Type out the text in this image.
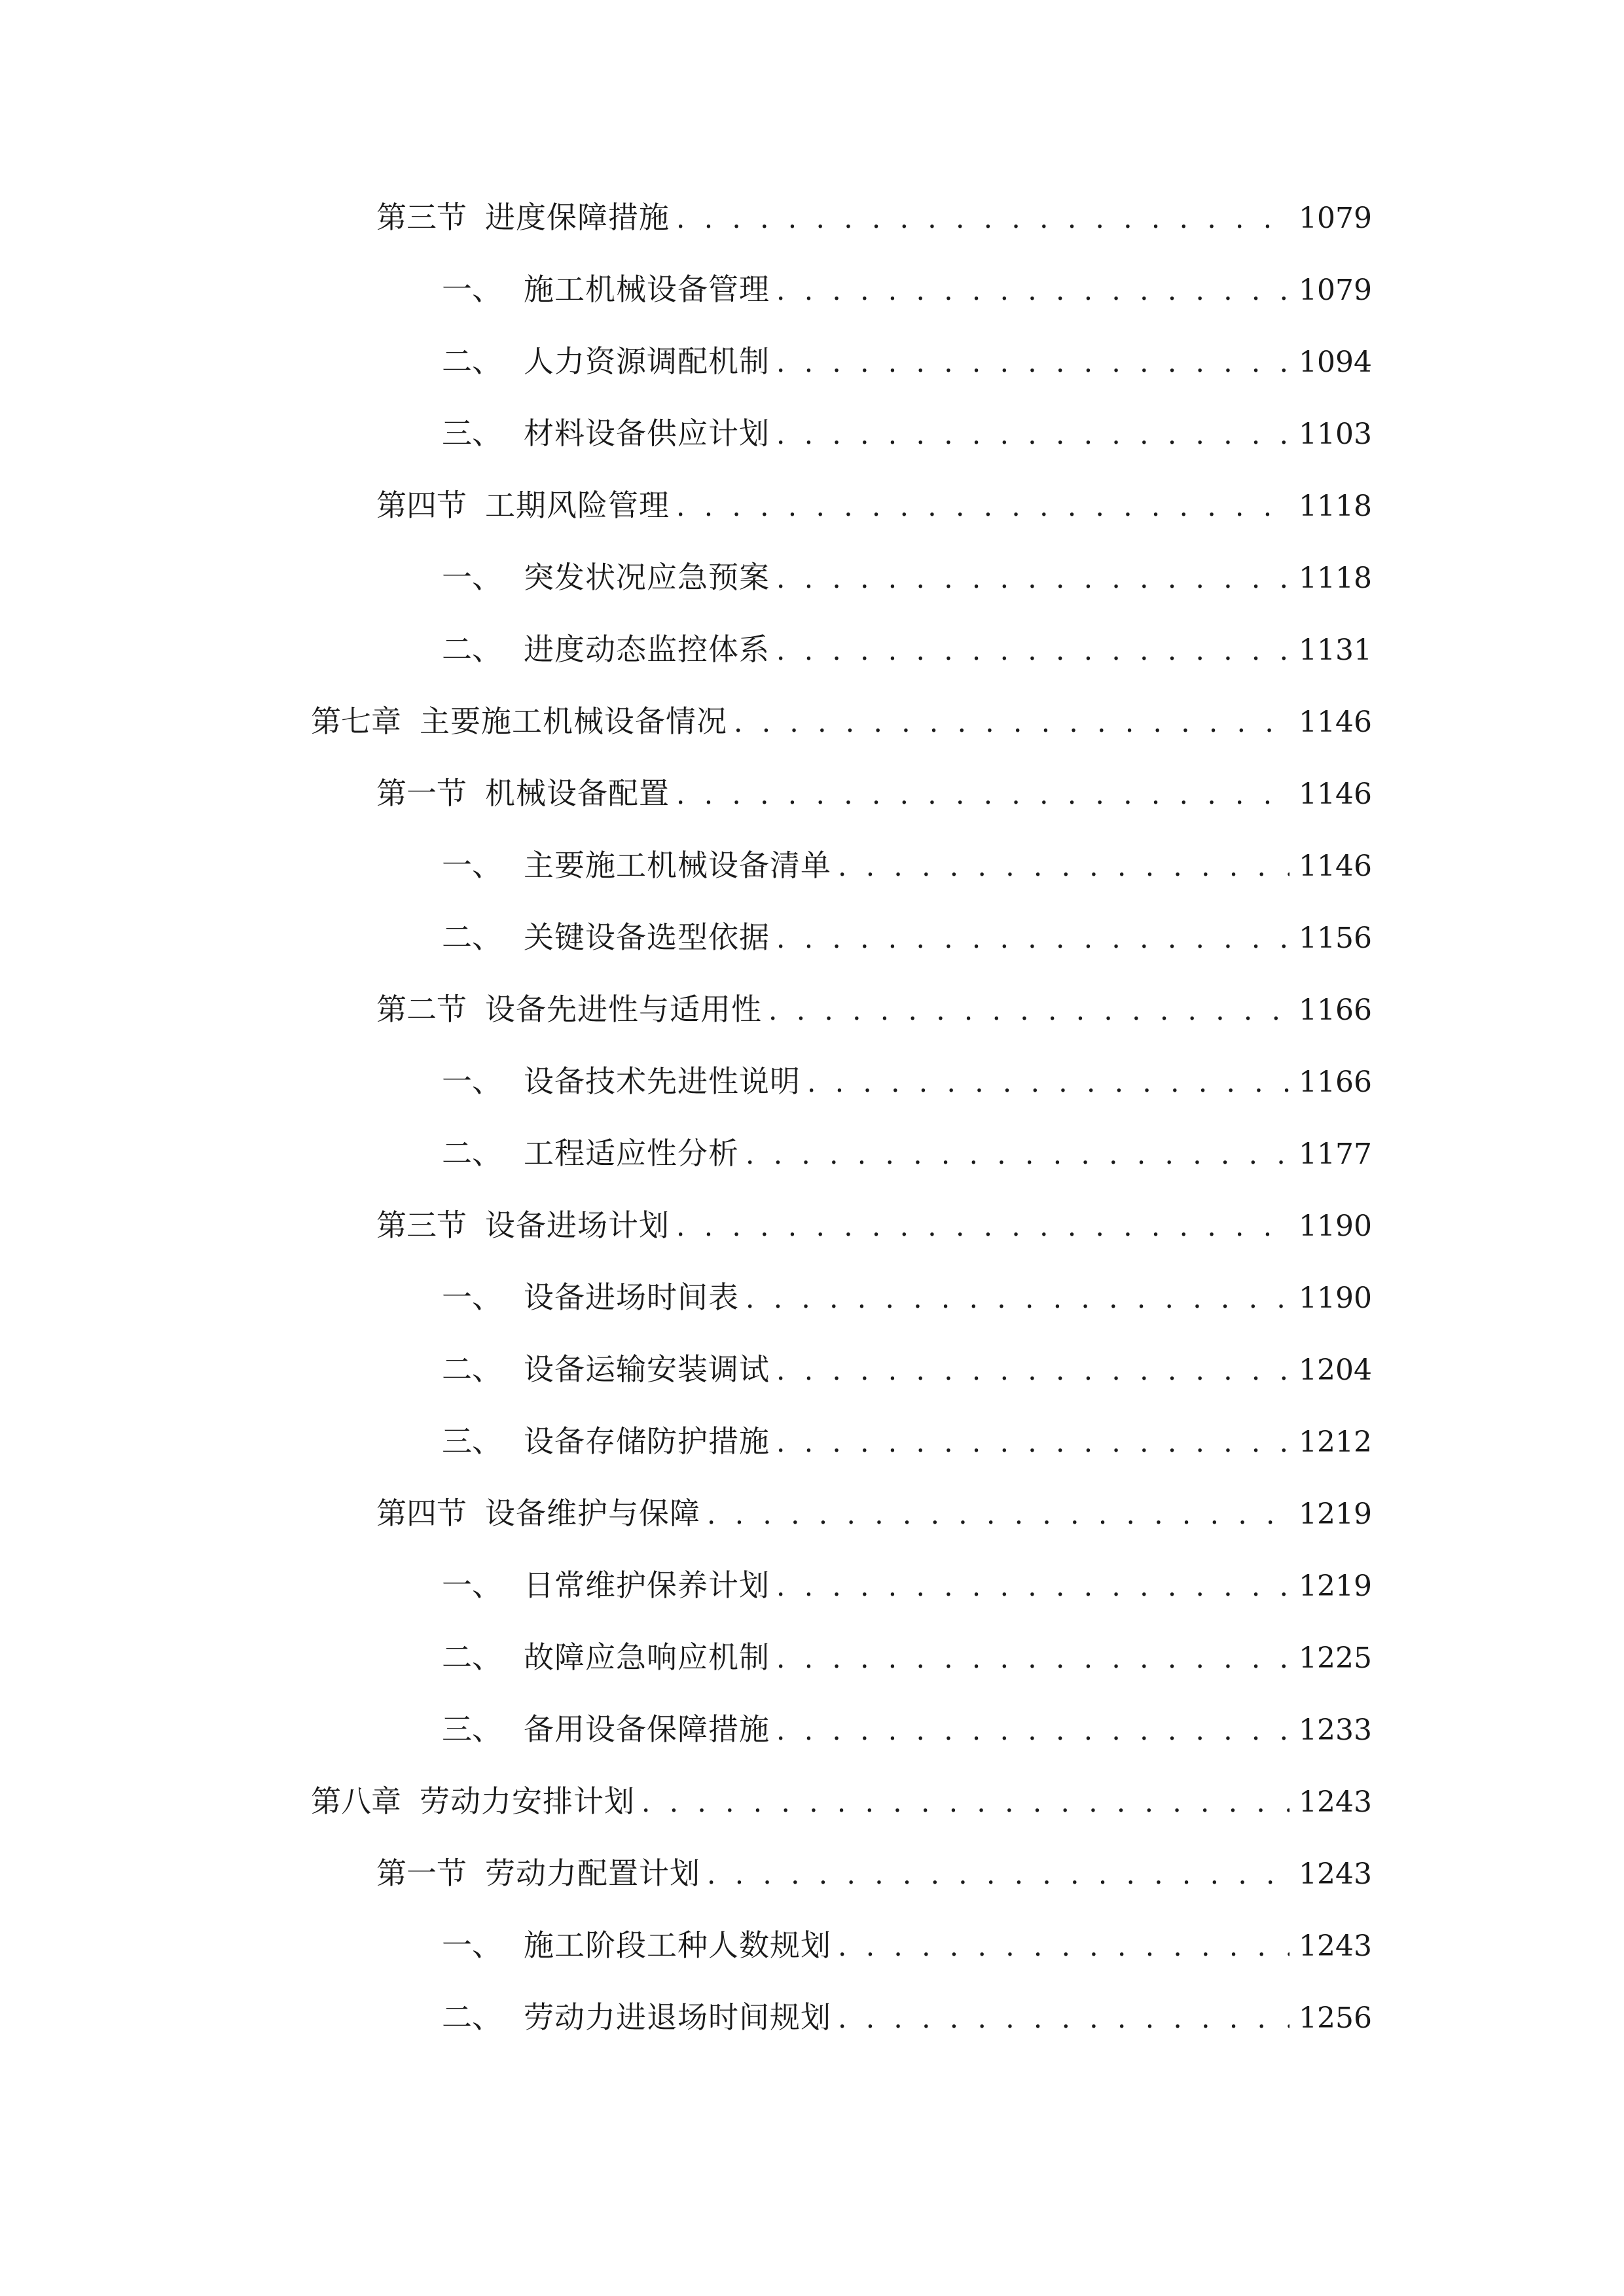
第三节 进度保障措施 . . .	1079
一、 施工机械设备管理 . . .	1079
二、 人力资源调配机制 . . .	1094
三、 材料设备供应计划 . . .	1103
第四节 工期风险管理 . . .	1118
一、 突发状况应急预案 . . .	1118
二、 进度动态监控体系 . . .	1131
第七章 主要施工机械设备情况 . . .	1146
第一节 机械设备配置 . . .	1146
一、 主要施工机械设备清单 . . .	1146
二、 关键设备选型依据 . . .	1156
第二节 设备先进性与适用性 . . .	1166
一、 设备技术先进性说明 . . .	1166
二、 工程适应性分析 . . .	1177
第三节 设备进场计划 . . .	1190
一、 设备进场时间表 . . .	1190
二、 设备运输安装调试 . . .	1204
三、 设备存储防护措施 . . .	1212
第四节 设备维护与保障 . . .	1219
一、 日常维护保养计划 . . .	1219
二、 故障应急响应机制 . . .	1225
三、 备用设备保障措施 . . .	1233
第八章 劳动力安排计划 . . .	1243
第一节 劳动力配置计划 . . .	1243
一、 施工阶段工种人数规划 . . .	1243
二、 劳动力进退场时间规划 . . .	1256
